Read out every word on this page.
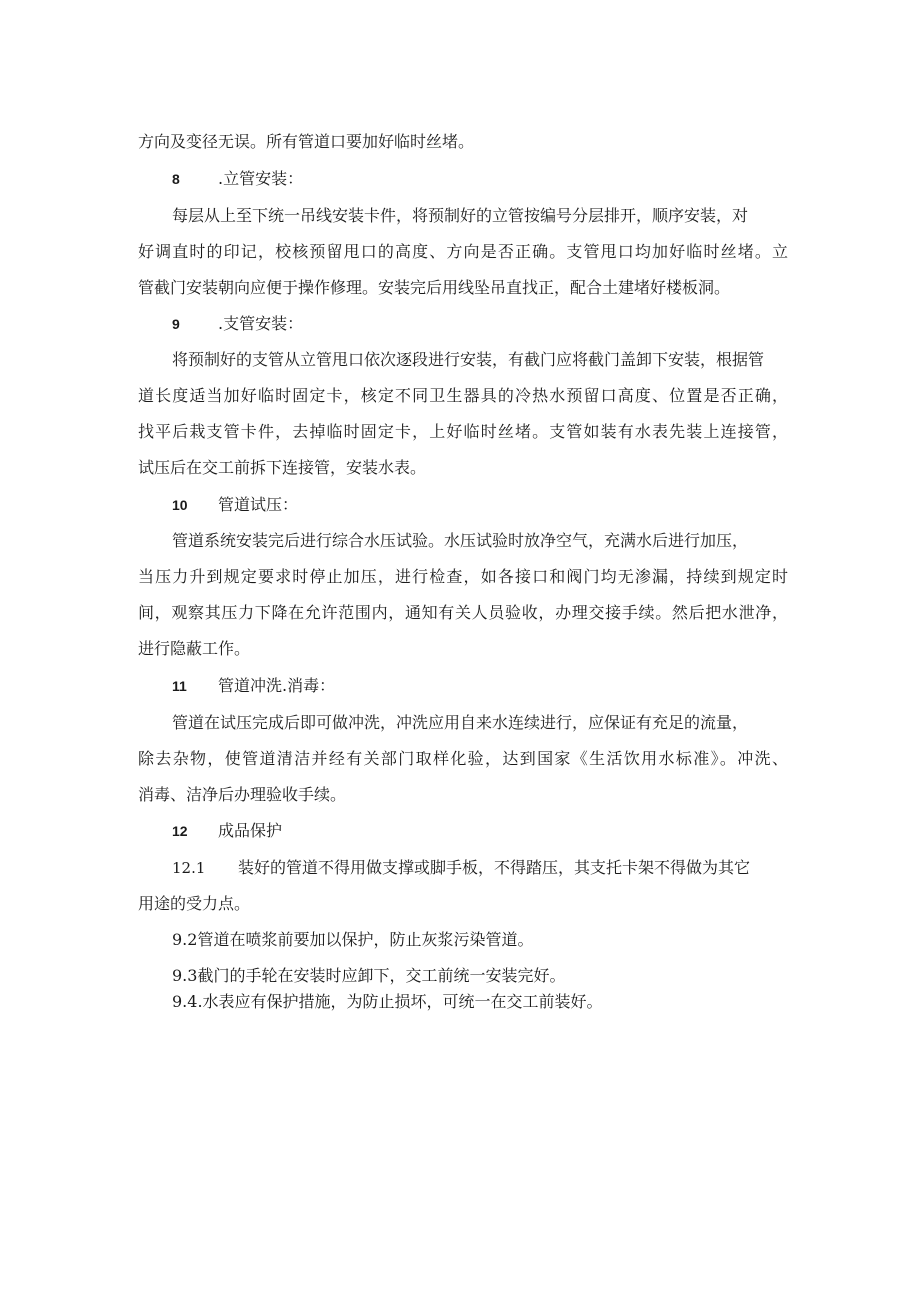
方向及变径无误。所有管道口要加好临时丝堵。
8 .立管安装：
每层从上至下统一吊线安装卡件，将预制好的立管按编号分层排开，顺序安装，对
好调直时的印记，校核预留甩口的高度、方向是否正确。支管甩口均加好临时丝堵。立
管截门安装朝向应便于操作修理。安装完后用线坠吊直找正，配合土建堵好楼板洞。
9 .支管安装：
将预制好的支管从立管甩口依次逐段进行安装，有截门应将截门盖卸下安装，根据管
道长度适当加好临时固定卡，核定不同卫生器具的冷热水预留口高度、位置是否正确，
找平后栽支管卡件，去掉临时固定卡，上好临时丝堵。支管如装有水表先装上连接管，
试压后在交工前拆下连接管，安装水表。
10 管道试压：
管道系统安装完后进行综合水压试验。水压试验时放净空气，充满水后进行加压，
当压力升到规定要求时停止加压，进行检查，如各接口和阀门均无渗漏，持续到规定时
间，观察其压力下降在允许范围内，通知有关人员验收，办理交接手续。然后把水泄净，
进行隐蔽工作。
11 管道冲洗.消毒：
管道在试压完成后即可做冲洗，冲洗应用自来水连续进行，应保证有充足的流量，
除去杂物，使管道清洁并经有关部门取样化验，达到国家《生活饮用水标准》。冲洗、
消毒、洁净后办理验收手续。
12 成品保护
12.1 装好的管道不得用做支撑或脚手板，不得踏压，其支托卡架不得做为其它
用途的受力点。
9.2管道在喷浆前要加以保护，防止灰浆污染管道。
9.3截门的手轮在安装时应卸下，交工前统一安装完好。
9.4.水表应有保护措施，为防止损坏，可统一在交工前装好。
